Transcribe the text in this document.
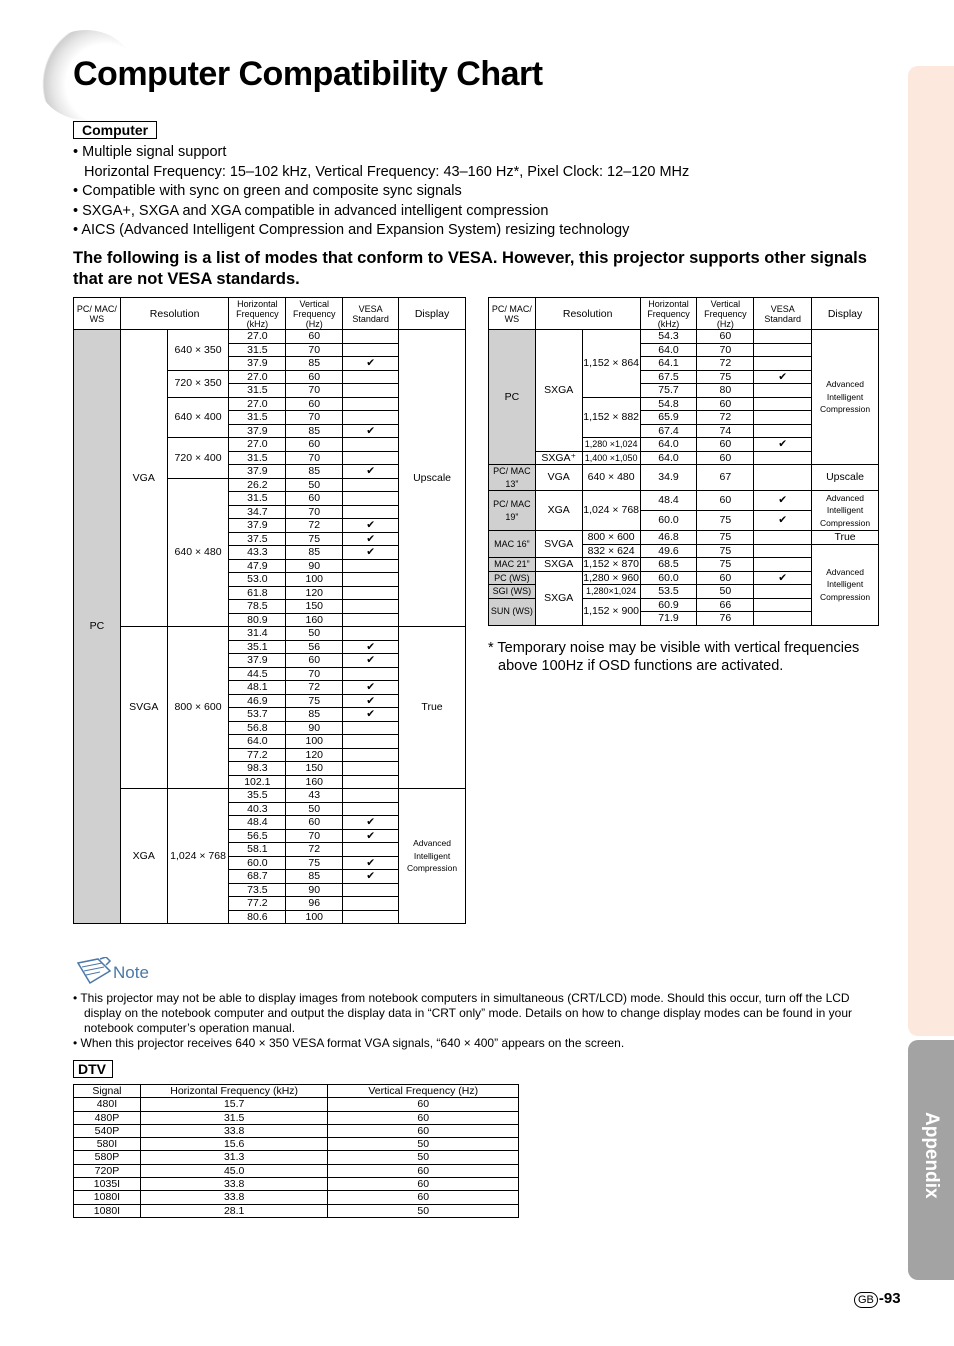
Computer Compatibility Chart
Appendix
Computer
• Multiple signal support
Horizontal Frequency: 15–102 kHz, Vertical Frequency: 43–160 Hz*, Pixel Clock: 12–120 MHz
• Compatible with sync on green and composite sync signals
• SXGA+, SXGA and XGA compatible in advanced intelligent compression
• AICS (Advanced Intelligent Compression and Expansion System) resizing technology
The following is a list of modes that conform to VESA. However, this projector supports other signals that are not VESA standards.
PC/ MAC/ WS	Resolution		Horizontal Frequency (kHz)	Vertical Frequency (Hz)	VESA Standard	Display
PC	VGA	640 × 350	27.0	60		Upscale
			31.5	70		
			37.9	85	✔	
		720 × 350	27.0	60		
			31.5	70		
		640 × 400	27.0	60		
			31.5	70		
			37.9	85	✔	
		720 × 400	27.0	60		
			31.5	70		
			37.9	85	✔	
		640 × 480	26.2	50		
			31.5	60		
			34.7	70		
			37.9	72	✔	
			37.5	75	✔	
			43.3	85	✔	
			47.9	90		
			53.0	100		
			61.8	120		
			78.5	150		
			80.9	160		
	SVGA	800 × 600	31.4	50		True
			35.1	56	✔	
			37.9	60	✔	
			44.5	70		
			48.1	72	✔	
			46.9	75	✔	
			53.7	85	✔	
			56.8	90		
			64.0	100		
			77.2	120		
			98.3	150		
			102.1	160		
	XGA	1,024 × 768	35.5	43		Advanced Intelligent Compression
			40.3	50		
			48.4	60	✔	
			56.5	70	✔	
			58.1	72		
			60.0	75	✔	
			68.7	85	✔	
			73.5	90		
			77.2	96		
			80.6	100		
PC/ MAC/ WS	Resolution		Horizontal Frequency (kHz)	Vertical Frequency (Hz)	VESA Standard	Display
PC	SXGA	1,152 × 864	54.3	60		Advanced Intelligent Compression
			64.0	70		
			64.1	72		
			67.5	75	✔	
			75.7	80		
		1,152 × 882	54.8	60		
			65.9	72		
			67.4	74		

		1,280 ×1,024	64.0	60	✔	
	SXGA⁺	1,400 ×1,050	64.0	60		
PC/ MAC 13”	VGA	640 × 480	34.9	67		Upscale
PC/ MAC 19”	XGA	1,024 × 768	48.4	60	✔	Advanced Intelligent Compression
			60.0	75	✔	
MAC 16”	SVGA	800 × 600	46.8	75		True
		832 × 624	49.6	75		Advanced Intelligent Compression
MAC 21”	SXGA	1,152 × 870	68.5	75		
PC (WS)	SXGA	1,280 × 960	60.0	60	✔	
SGI (WS)		1,280×1,024	53.5	50		
SUN (WS)		1,152 × 900	60.9	66		
			71.9	76		
* Temporary noise may be visible with vertical frequencies above 100Hz if OSD functions are activated.
Note
• This projector may not be able to display images from notebook computers in simultaneous (CRT/LCD) mode. Should this occur, turn off the LCD display on the notebook computer and output the display data in “CRT only” mode. Details on how to change display modes can be found in your notebook computer’s operation manual.
• When this projector receives 640 × 350 VESA format VGA signals, “640 × 400” appears on the screen.
DTV
Signal	Horizontal Frequency (kHz)	Vertical Frequency (Hz)
480I	15.7	60
480P	31.5	60
540P	33.8	60
580I	15.6	50
580P	31.3	50
720P	45.0	60
1035I	33.8	60
1080I	33.8	60
1080I	28.1	50
GB -93
